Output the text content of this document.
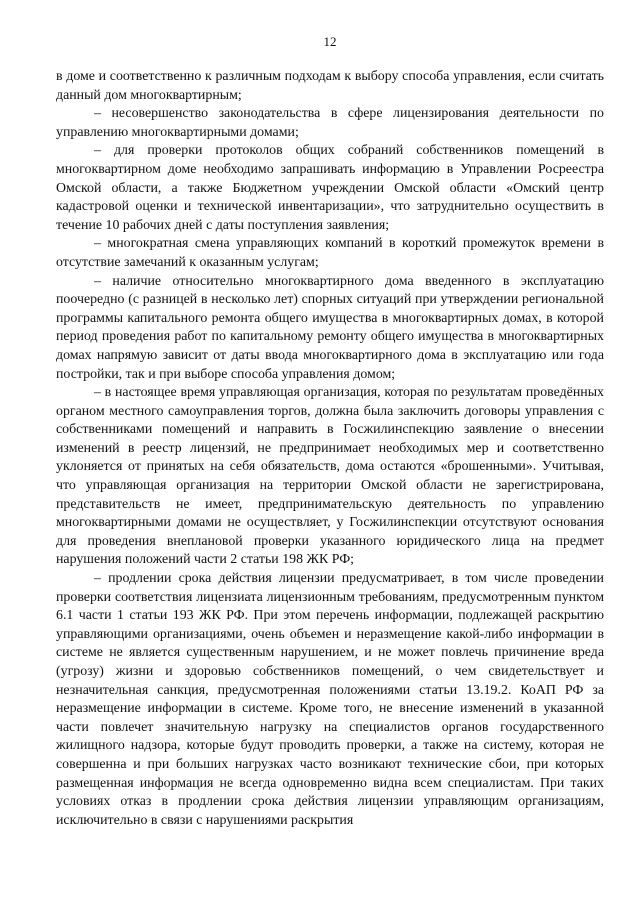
12

в доме и соответственно к различным подходам к выбору способа управления, если считать данный дом многоквартирным;

– несовершенство законодательства в сфере лицензирования деятельности по управлению многоквартирными домами;

– для проверки протоколов общих собраний собственников помещений в многоквартирном доме необходимо запрашивать информацию в Управлении Росреестра Омской области, а также Бюджетном учреждении Омской области «Омский центр кадастровой оценки и технической инвентаризации», что затруднительно осуществить в течение 10 рабочих дней с даты поступления заявления;

– многократная смена управляющих компаний в короткий промежуток времени в отсутствие замечаний к оказанным услугам;

– наличие относительно многоквартирного дома введенного в эксплуатацию поочередно (с разницей в несколько лет) спорных ситуаций при утверждении региональной программы капитального ремонта общего имущества в многоквартирных домах, в которой период проведения работ по капитальному ремонту общего имущества в многоквартирных домах напрямую зависит от даты ввода многоквартирного дома в эксплуатацию или года постройки, так и при выборе способа управления домом;

– в настоящее время управляющая организация, которая по результатам проведённых органом местного самоуправления торгов, должна была заключить договоры управления с собственниками помещений и направить в Госжилинспекцию заявление о внесении изменений в реестр лицензий, не предпринимает необходимых мер и соответственно уклоняется от принятых на себя обязательств, дома остаются «брошенными». Учитывая, что управляющая организация на территории Омской области не зарегистрирована, представительств не имеет, предпринимательскую деятельность по управлению многоквартирными домами не осуществляет, у Госжилинспекции отсутствуют основания для проведения внеплановой проверки указанного юридического лица на предмет нарушения положений части 2 статьи 198 ЖК РФ;

– продлении срока действия лицензии предусматривает, в том числе проведении проверки соответствия лицензиата лицензионным требованиям, предусмотренным пунктом 6.1 части 1 статьи 193 ЖК РФ. При этом перечень информации, подлежащей раскрытию управляющими организациями, очень объемен и неразмещение какой-либо информации в системе не является существенным нарушением, и не может повлечь причинение вреда (угрозу) жизни и здоровью собственников помещений, о чем свидетельствует и незначительная санкция, предусмотренная положениями статьи 13.19.2. КоАП РФ за неразмещение информации в системе. Кроме того, не внесение изменений в указанной части повлечет значительную нагрузку на специалистов органов государственного жилищного надзора, которые будут проводить проверки, а также на систему, которая не совершенна и при больших нагрузках часто возникают технические сбои, при которых размещенная информация не всегда одновременно видна всем специалистам. При таких условиях отказ в продлении срока действия лицензии управляющим организациям, исключительно в связи с нарушениями раскрытия
